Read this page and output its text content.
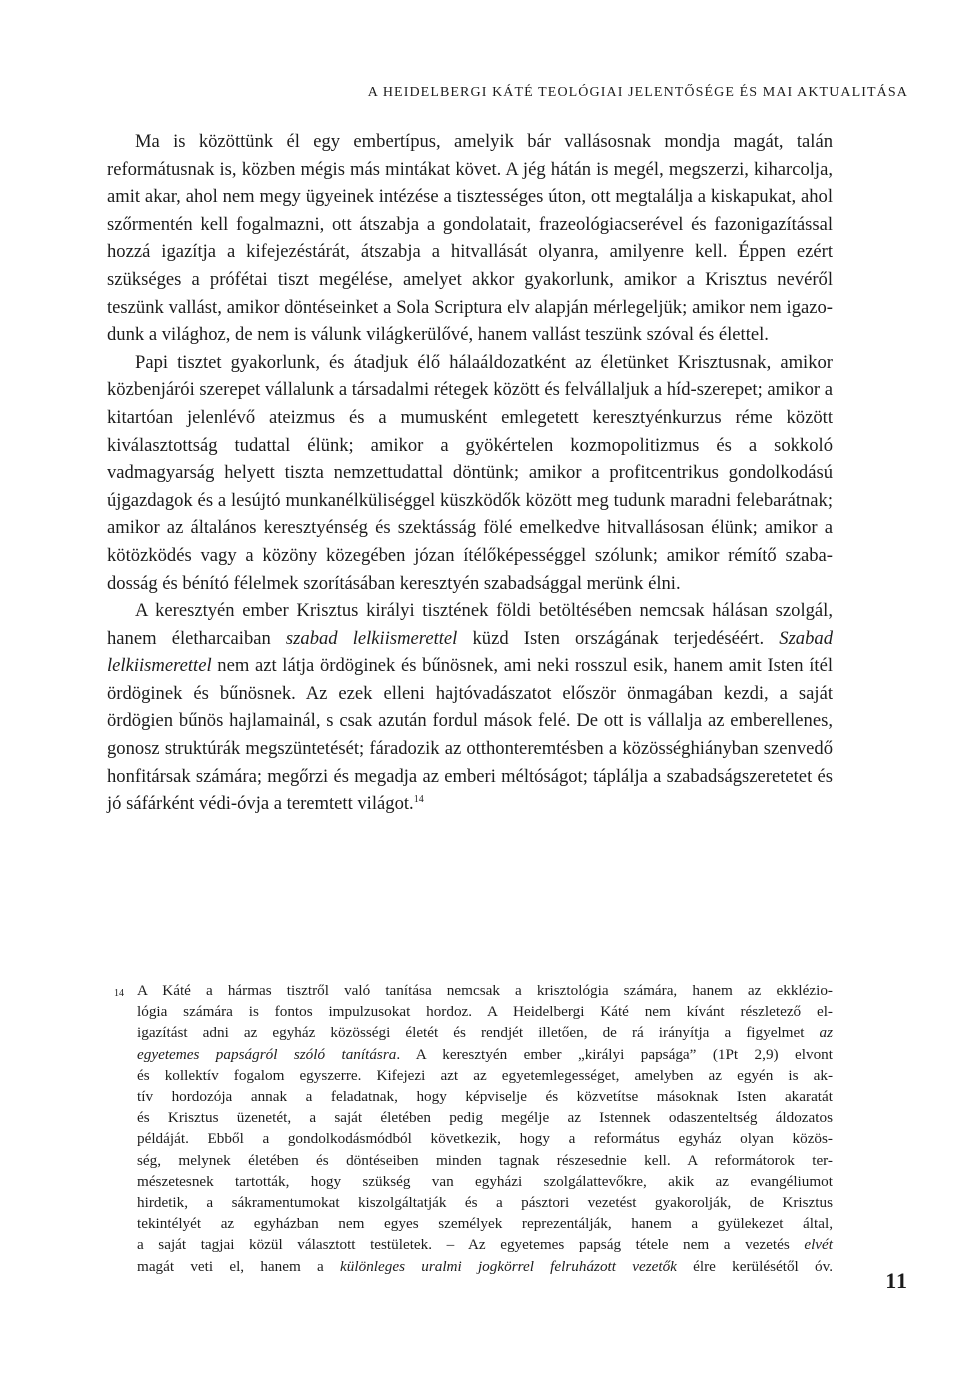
A HEIDELBERGI KÁTÉ TEOLÓGIAI JELENTŐSÉGE ÉS MAI AKTUALITÁSA

Ma is közöttünk él egy embertípus, amelyik bár vallásosnak mondja magát, talán reformátusnak is, közben mégis más mintákat követ. A jég hátán is megél, megszerzi, kiharcolja, amit akar, ahol nem megy ügyeinek intézése a tisztességes úton, ott megtalálja a kiskapukat, ahol szőrmentén kell fogalmazni, ott átszabja a gondolatait, frazeológiacserével és fazonigazítással hozzá igazítja a kifejezéstárát, átszabja a hitvallását olyanra, amilyenre kell. Éppen ezért szükséges a prófétai tiszt megélése, amelyet akkor gyakorlunk, amikor a Krisztus nevéről teszünk vallást, amikor döntéseinket a Sola Scriptura elv alapján mérlegeljük; amikor nem igazodunk a világhoz, de nem is válunk világkerülővé, hanem vallást teszünk szóval és élettel.

Papi tisztet gyakorlunk, és átadjuk élő hálaáldozatként az életünket Krisztusnak, amikor közbenjárói szerepet vállalunk a társadalmi rétegek között és felvállaljuk a híd-szerepet; amikor a kitartóan jelenlévő ateizmus és a mumusként emlegetett keresztyénkurzus réme között kiválasztottság tudattal élünk; amikor a gyökértelen kozmopolitizmus és a sokkoló vadmagyarság helyett tiszta nemzettudattal döntünk; amikor a profitcentrikus gondolkodású újgazdagok és a lesújtó munkanélküliséggel küszködők között meg tudunk maradni felebarátnak; amikor az általános keresztyénség és szektásság fölé emelkedve hitvallásosan élünk; amikor a kötözködés vagy a közöny közegében józan ítélőképességgel szólunk; amikor rémítő szabadosság és bénító félelmek szorításában keresztyén szabadsággal merünk élni.

A keresztyén ember Krisztus királyi tisztének földi betöltésében nemcsak hálásan szolgál, hanem életharcaiban szabad lelkiismerettel küzd Isten országának terjedéséért. Szabad lelkiismerettel nem azt látja ördöginek és bűnösnek, ami neki rosszul esik, hanem amit Isten ítél ördöginek és bűnösnek. Az ezek elleni hajtóvadászatot először önmagában kezdi, a saját ördögien bűnös hajlamainál, s csak azután fordul mások felé. De ott is vállalja az emberellenes, gonosz struktúrák megszüntetését; fáradozik az otthonteremtésben a közösséghiányban szenvedő honfitársak számára; megőrzi és megadja az emberi méltóságot; táplálja a szabadságszeretetet és jó sáfárként védi-óvja a teremtett világot.$^{14}$

14 A Káté a hármas tisztről való tanítása nemcsak a krisztológia számára, hanem az ekklézio-
lógia számára is fontos impulzusokat hordoz. A Heidelbergi Káté nem kívánt részletező el-
igazítást adni az egyház közösségi életét és rendjét illetően, de rá irányítja a figyelmet az
egyetemes papságról szóló tanításra. A keresztyén ember „királyi papsága” (1Pt 2,9) elvont
és kollektív fogalom egyszerre. Kifejezi azt az egyetemlegességet, amelyben az egyén is ak-
tív hordozója annak a feladatnak, hogy képviselje és közvetítse másoknak Isten akaratát
és Krisztus üzenetét, a saját életében pedig megélje az Istennek odaszenteltség áldozatos
példáját. Ebből a gondolkodásmódból következik, hogy a református egyház olyan közös-
ség, melynek életében és döntéseiben minden tagnak részesednie kell. A reformátorok ter-
mészetesnek tartották, hogy szükség van egyházi szolgálattevőkre, akik az evangéliumot
hirdetik, a sákramentumokat kiszolgáltatják és a pásztori vezetést gyakorolják, de Krisztus
tekintélyét az egyházban nem egyes személyek reprezentálják, hanem a gyülekezet által,
a saját tagjai közül választott testületek. – Az egyetemes papság tétele nem a vezetés elvét
magát veti el, hanem a különleges uralmi jogkörrel felruházott vezetők élre kerülésétől óv.
11
